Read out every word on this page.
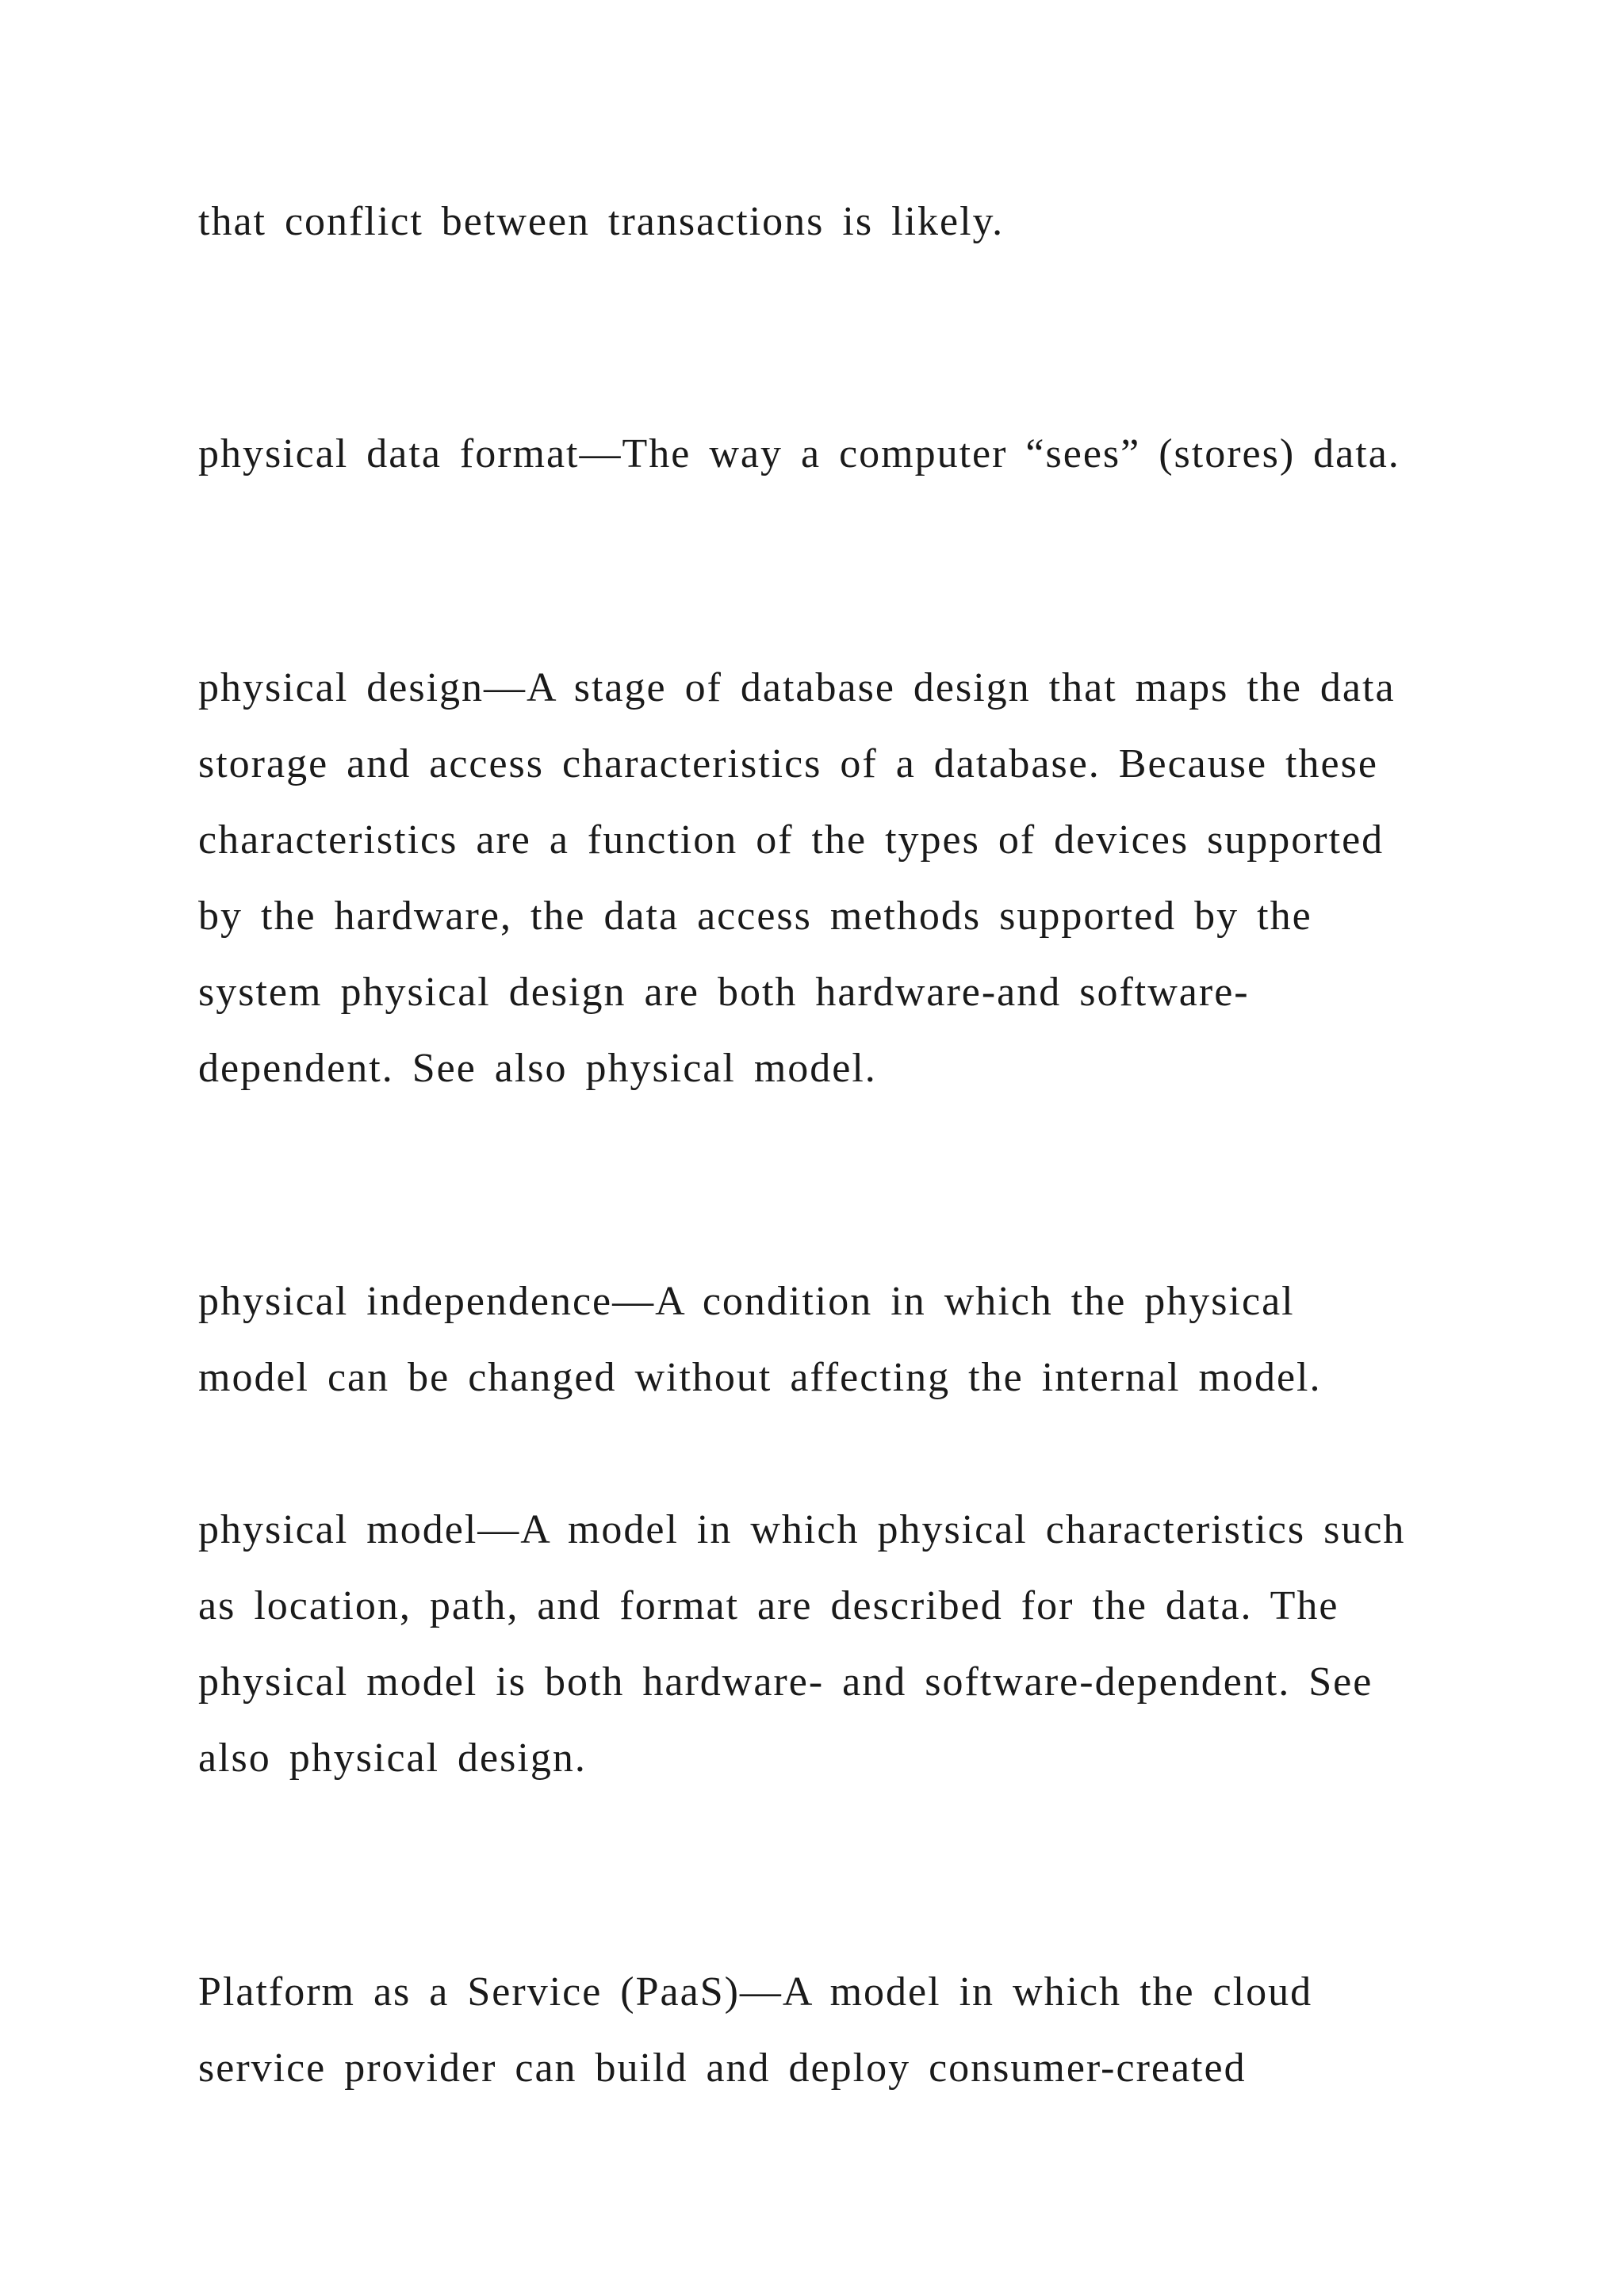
that conflict between transactions is likely.
physical data format—The way a computer “sees” (stores) data.
physical design—A stage of database design that maps the data
storage and access characteristics of a database. Because these
characteristics are a function of the types of devices supported
by the hardware, the data access methods supported by the
system physical design are both hardware-and software-
dependent. See also physical model.
physical independence—A condition in which the physical
model can be changed without affecting the internal model.
physical model—A model in which physical characteristics such
as location, path, and format are described for the data. The
physical model is both hardware- and software-dependent. See
also physical design.
Platform as a Service (PaaS)—A model in which the cloud
service provider can build and deploy consumer-created
